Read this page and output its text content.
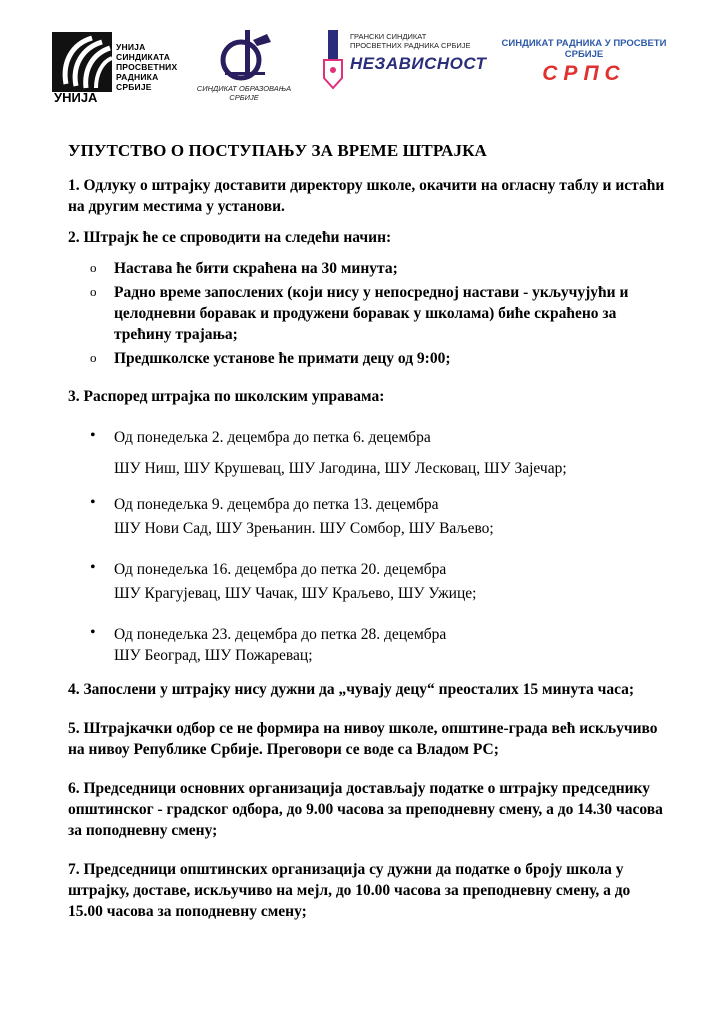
УНИЈА
СИНДИКАТА
ПРОСВЕТНИХ
РАДНИКА
СРБИЈЕ
УНИЈА
СИНДИКАТ ОБРАЗОВАЊА СРБИЈЕ
ГРАНСКИ СИНДИКАТ
ПРОСВЕТНИХ РАДНИКА СРБИЈЕ
НЕЗАВИСНОСТ
СИНДИКАТ РАДНИКА У ПРОСВЕТИ
СРБИЈЕ
СРПС
УПУТСТВО О ПОСТУПАЊУ ЗА ВРЕМЕ ШТРАЈКА

1. Одлуку о штрајку доставити директору школе, окачити на огласну таблу и истаћи на другим местима у установи.

2. Штрајк ће се спроводити на следећи начин:

o Настава ће бити скраћена на 30 минута;
o Радно време запослених (који нису у непосредној настави - укључујући и целодневни боравак и продужени боравак у школама) биће скраћено за трећину трајања;
o Предшколске установе ће примати децу од 9:00;

3. Распоред штрајка по школским управама:

• Од понедељка 2. децембра до петка 6. децембра
ШУ Ниш, ШУ Крушевац, ШУ Јагодина, ШУ Лесковац, ШУ Зајечар;
• Од понедељка 9. децембра до петка 13. децембра
ШУ Нови Сад, ШУ Зрењанин. ШУ Сомбор, ШУ Ваљево;
• Од понедељка 16. децембра до петка 20. децембра
ШУ Крагујевац, ШУ Чачак, ШУ Краљево, ШУ Ужице;
• Од понедељка 23. децембра до петка 28. децембра
ШУ Београд, ШУ Пожаревац;

4. Запослени у штрајку нису дужни да „чувају децу“ преосталих 15 минута часа;

5. Штрајкачки одбор се не формира на нивоу школе, општине-града већ искључиво на нивоу Републике Србије. Преговори се воде са Владом РС;

6. Председници основних организација достављају податке о штрајку председнику општинског - градског одбора, до 9.00 часова за преподневну смену, а до 14.30 часова за поподневну смену;

7. Председници општинских организација су дужни да податке о броју школа у штрајку, доставе, искључиво на мејл, до 10.00 часова за преподневну смену, а до 15.00 часова за поподневну смену;
